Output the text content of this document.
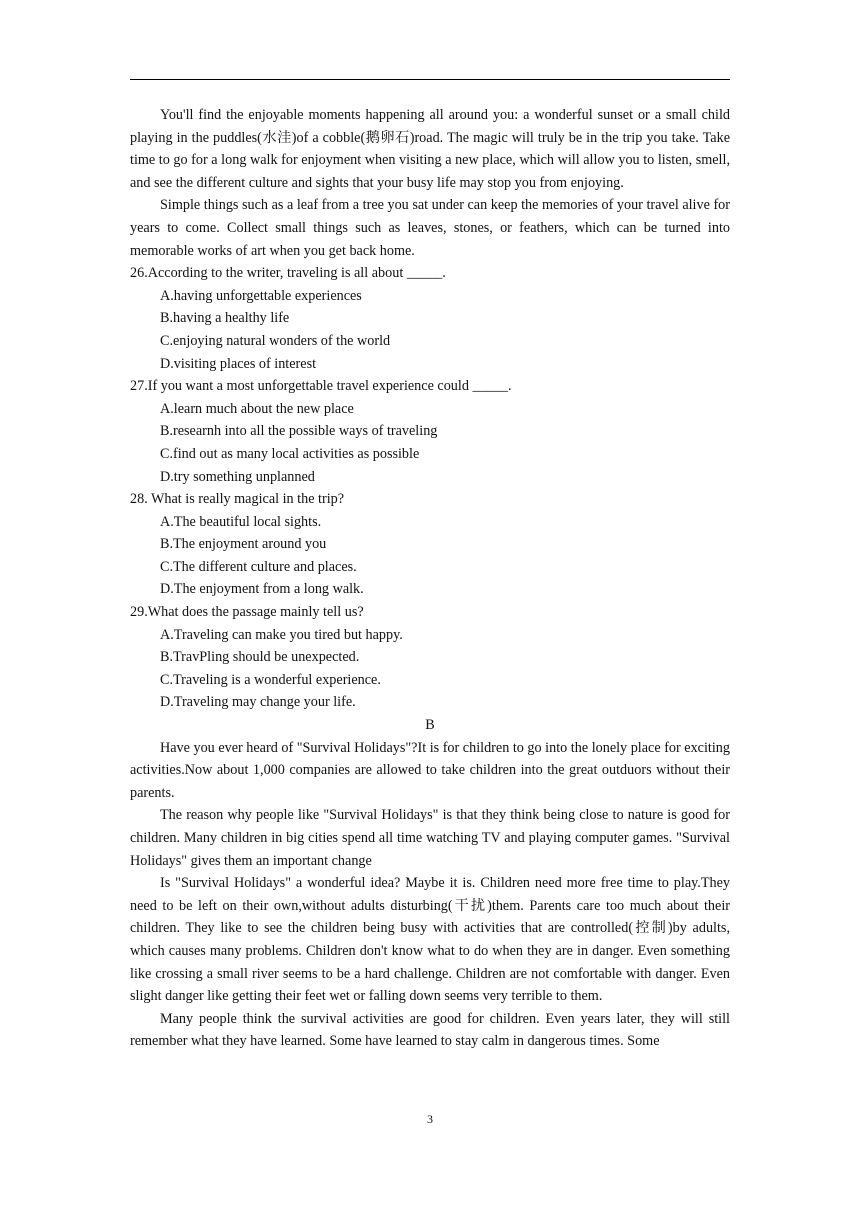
You'll find the enjoyable moments happening all around you: a wonderful sunset or a small child playing in the puddles(水洼)of a cobble(鹅卵石)road. The magic will truly be in the trip you take. Take time to go for a long walk for enjoyment when visiting a new place, which will allow you to listen, smell, and see the different culture and sights that your busy life may stop you from enjoying.

Simple things such as a leaf from a tree you sat under can keep the memories of your travel alive for years to come. Collect small things such as leaves, stones, or feathers, which can be turned into memorable works of art when you get back home.

26.According to the writer, traveling is all about _____.

A.having unforgettable experiences

B.having a healthy life

C.enjoying natural wonders of the world

D.visiting places of interest

27.If you want a most unforgettable travel experience could _____.

A.learn much about the new place

B.researnh into all the possible ways of traveling

C.find out as many local activities as possible

D.try something unplanned

28. What is really magical in the trip?

A.The beautiful local sights.

B.The enjoyment around you

C.The different culture and places.

D.The enjoyment from a long walk.

29.What does the passage mainly tell us?

A.Traveling can make you tired but happy.

B.TravPling should be unexpected.

C.Traveling is a wonderful experience.

D.Traveling may change your life.

B

Have you ever heard of "Survival Holidays"?It is for children to go into the lonely place for exciting activities.Now about 1,000 companies are allowed to take children into the great outduors without their parents.

The reason why people like "Survival Holidays" is that they think being close to nature is good for children. Many children in big cities spend all time watching TV and playing computer games. "Survival Holidays" gives them an important change

Is "Survival Holidays" a wonderful idea? Maybe it is. Children need more free time to play.They need to be left on their own,without adults disturbing(干扰)them. Parents care too much about their children. They like to see the children being busy with activities that are controlled(控制)by adults, which causes many problems. Children don't know what to do when they are in danger. Even something like crossing a small river seems to be a hard challenge. Children are not comfortable with danger. Even slight danger like getting their feet wet or falling down seems very terrible to them.

Many people think the survival activities are good for children. Even years later, they will still remember what they have learned. Some have learned to stay calm in dangerous times. Some

3
